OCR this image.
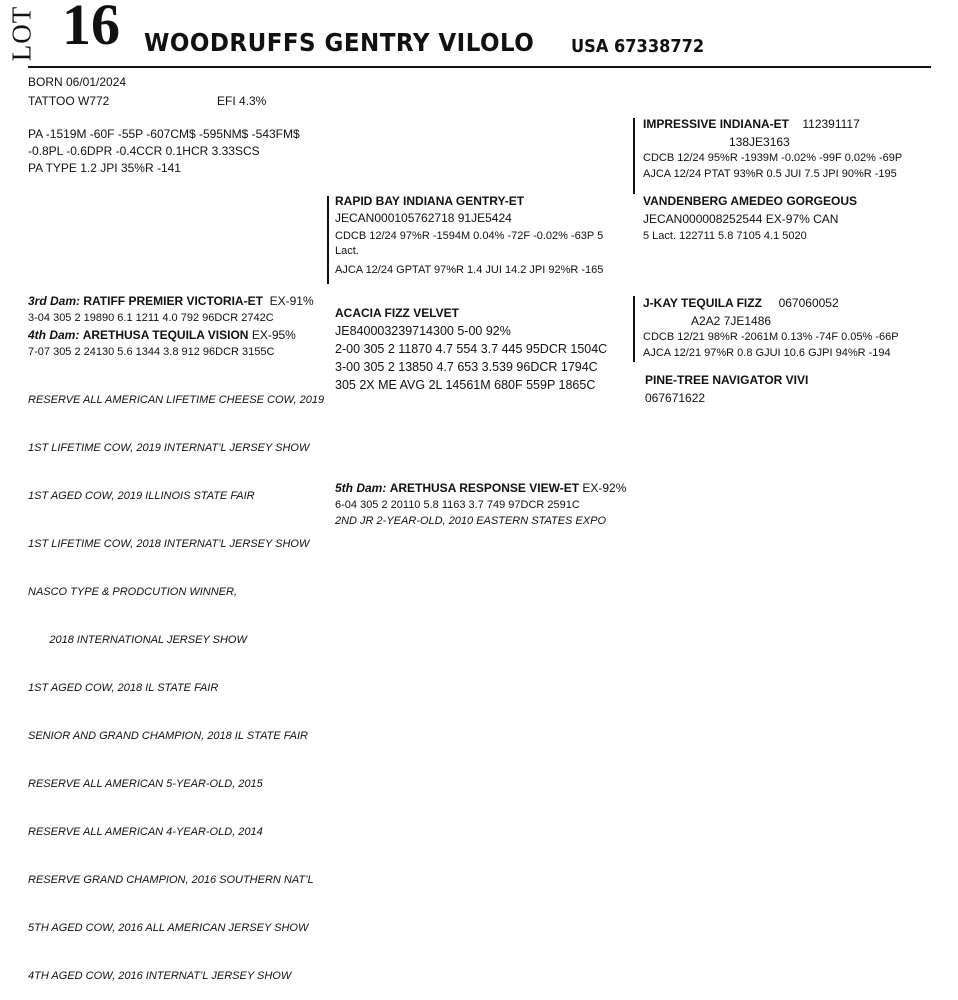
LOT 16 WOODRUFFS GENTRY VILOLO USA 67338772
BORN 06/01/2024
TATTOO W772	EFI 4.3%
PA -1519M -60F -55P -607CM$ -595NM$ -543FM$
-0.8PL -0.6DPR -0.4CCR 0.1HCR 3.33SCS
PA TYPE 1.2 JPI 35%R -141
RAPID BAY INDIANA GENTRY-ET
JECAN000105762718 91JE5424
CDCB 12/24 97%R -1594M 0.04% -72F -0.02% -63P 5
Lact.
AJCA 12/24 GPTAT 97%R 1.4 JUI 14.2 JPI 92%R -165
IMPRESSIVE INDIANA-ET 112391117
138JE3163
CDCB 12/24 95%R -1939M -0.02% -99F 0.02% -69P
AJCA 12/24 PTAT 93%R 0.5 JUI 7.5 JPI 90%R -195
VANDENBERG AMEDEO GORGEOUS
JECAN000008252544 EX-97% CAN
5 Lact. 122711 5.8 7105 4.1 5020
3rd Dam: RATIFF PREMIER VICTORIA-ET EX-91%
3-04 305 2 19890 6.1 1211 4.0 792 96DCR 2742C
4th Dam: ARETHUSA TEQUILA VISION EX-95%
7-07 305 2 24130 5.6 1344 3.8 912 96DCR 3155C

RESERVE ALL AMERICAN LIFETIME CHEESE COW, 2019

1ST LIFETIME COW, 2019 INTERNAT’L JERSEY SHOW

1ST AGED COW, 2019 ILLINOIS STATE FAIR

1ST LIFETIME COW, 2018 INTERNAT’L JERSEY SHOW

NASCO TYPE & PRODCUTION WINNER,

2018 INTERNATIONAL JERSEY SHOW

1ST AGED COW, 2018 IL STATE FAIR

SENIOR AND GRAND CHAMPION, 2018 IL STATE FAIR

RESERVE ALL AMERICAN 5-YEAR-OLD, 2015

RESERVE ALL AMERICAN 4-YEAR-OLD, 2014

RESERVE GRAND CHAMPION, 2016 SOUTHERN NAT’L

5TH AGED COW, 2016 ALL AMERICAN JERSEY SHOW

4TH AGED COW, 2016 INTERNAT’L JERSEY SHOW

ACACIA FIZZ VELVET
JE840003239714300 5-00 92%
2-00 305 2 11870 4.7 554 3.7 445 95DCR 1504C
3-00 305 2 13850 4.7 653 3.539 96DCR 1794C
305 2X ME AVG 2L 14561M 680F 559P 1865C
J-KAY TEQUILA FIZZ 067060052
A2A2 7JE1486
CDCB 12/21 98%R -2061M 0.13% -74F 0.05% -66P
AJCA 12/21 97%R 0.8 GJUI 10.6 GJPI 94%R -194
PINE-TREE NAVIGATOR VIVI
067671622
5th Dam: ARETHUSA RESPONSE VIEW-ET EX-92%
6-04 305 2 20110 5.8 1163 3.7 749 97DCR 2591C
2ND JR 2-YEAR-OLD, 2010 EASTERN STATES EXPO
